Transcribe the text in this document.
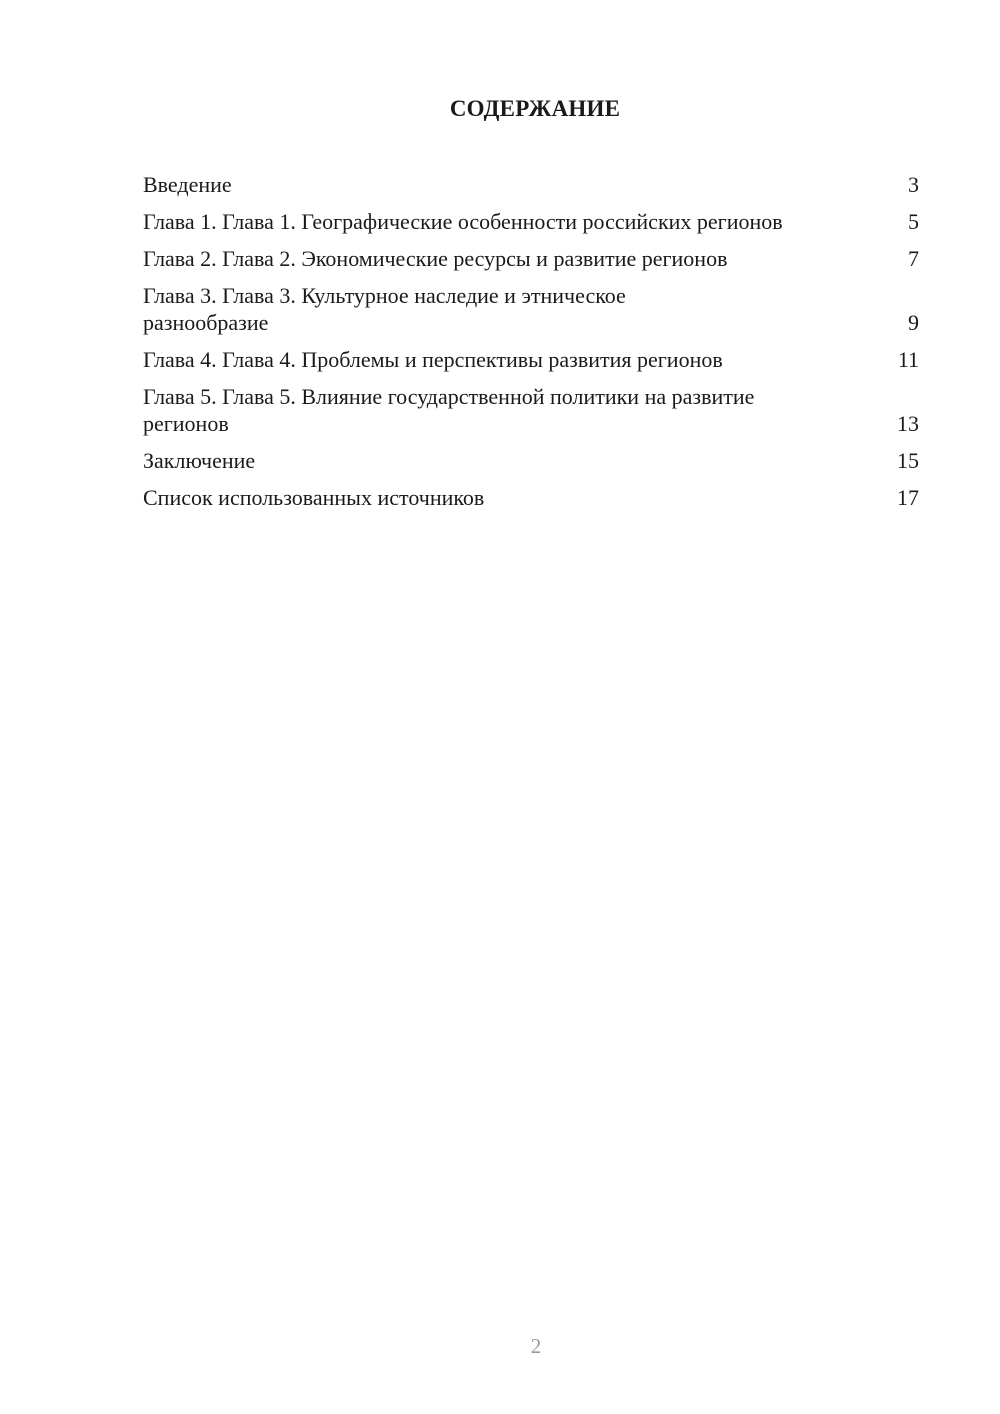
СОДЕРЖАНИЕ
Введение	3
Глава 1. Глава 1. Географические особенности российских регионов	5
Глава 2. Глава 2. Экономические ресурсы и развитие регионов	7
Глава 3. Глава 3. Культурное наследие и этническое разнообразие	9
Глава 4. Глава 4. Проблемы и перспективы развития регионов	11
Глава 5. Глава 5. Влияние государственной политики на развитие регионов	13
Заключение	15
Список использованных источников	17
2
